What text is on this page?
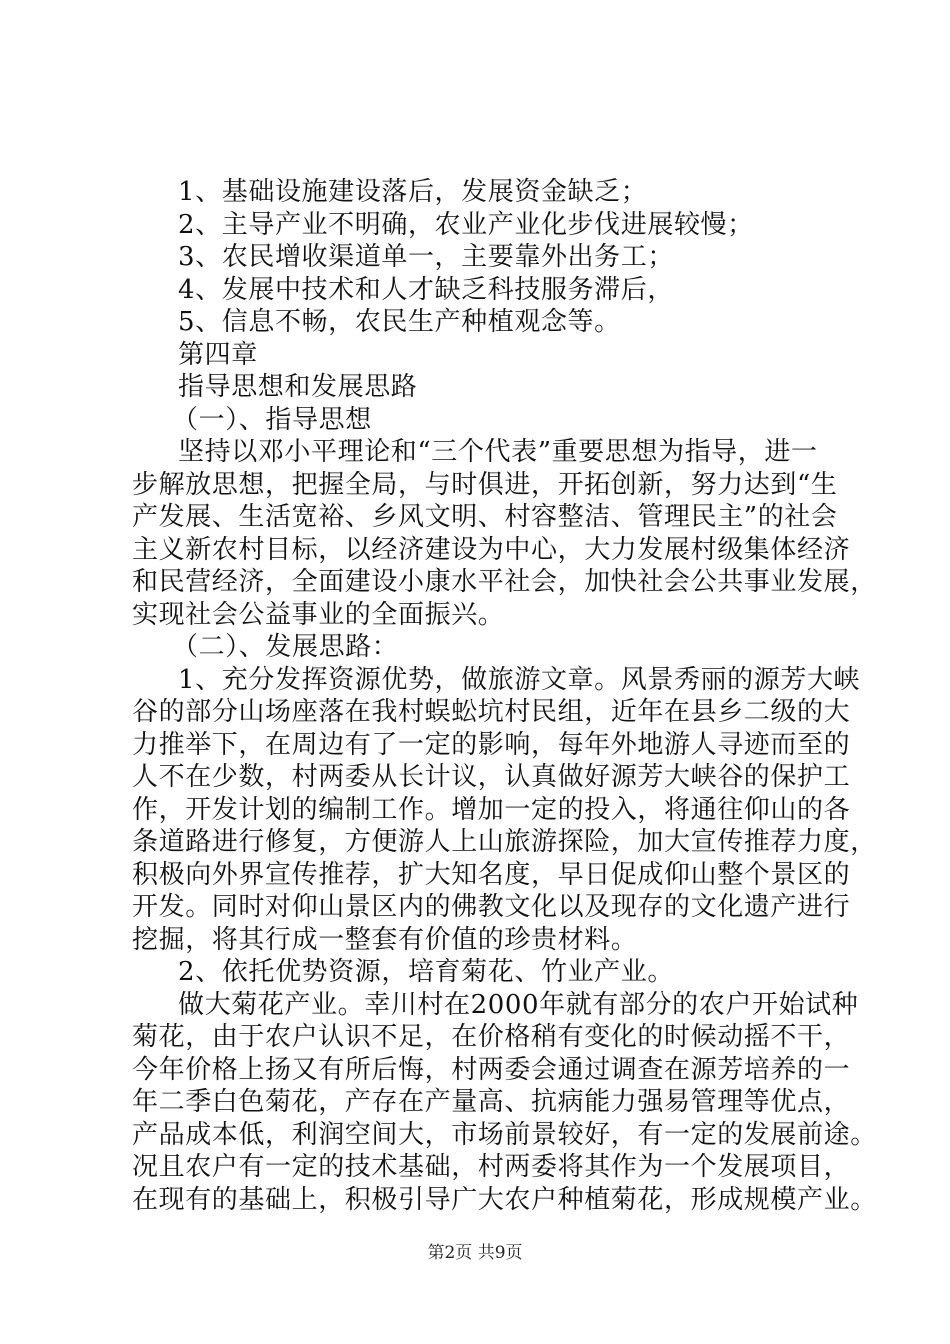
1、基础设施建设落后，发展资金缺乏；
2、主导产业不明确，农业产业化步伐进展较慢；
3、农民增收渠道单一，主要靠外出务工；
4、发展中技术和人才缺乏科技服务滞后，
5、信息不畅，农民生产种植观念等。
第四章
指导思想和发展思路
（一）、指导思想
坚持以邓小平理论和“三个代表”重要思想为指导，进一
步解放思想，把握全局，与时俱进，开拓创新，努力达到“生
产发展、生活宽裕、乡风文明、村容整洁、管理民主”的社会
主义新农村目标，以经济建设为中心，大力发展村级集体经济
和民营经济，全面建设小康水平社会，加快社会公共事业发展，
实现社会公益事业的全面振兴。
（二）、发展思路：
1、充分发挥资源优势，做旅游文章。风景秀丽的源芳大峡
谷的部分山场座落在我村蜈蚣坑村民组，近年在县乡二级的大
力推举下，在周边有了一定的影响，每年外地游人寻迹而至的
人不在少数，村两委从长计议，认真做好源芳大峡谷的保护工
作，开发计划的编制工作。增加一定的投入，将通往仰山的各
条道路进行修复，方便游人上山旅游探险，加大宣传推荐力度，
积极向外界宣传推荐，扩大知名度，早日促成仰山整个景区的
开发。同时对仰山景区内的佛教文化以及现存的文化遗产进行
挖掘，将其行成一整套有价值的珍贵材料。
2、依托优势资源，培育菊花、竹业产业。
做大菊花产业。幸川村在2000年就有部分的农户开始试种
菊花，由于农户认识不足，在价格稍有变化的时候动摇不干，
今年价格上扬又有所后悔，村两委会通过调查在源芳培养的一
年二季白色菊花，产存在产量高、抗病能力强易管理等优点，
产品成本低，利润空间大，市场前景较好，有一定的发展前途。
况且农户有一定的技术基础，村两委将其作为一个发展项目，
在现有的基础上，积极引导广大农户种植菊花，形成规模产业。
第2页 共9页
